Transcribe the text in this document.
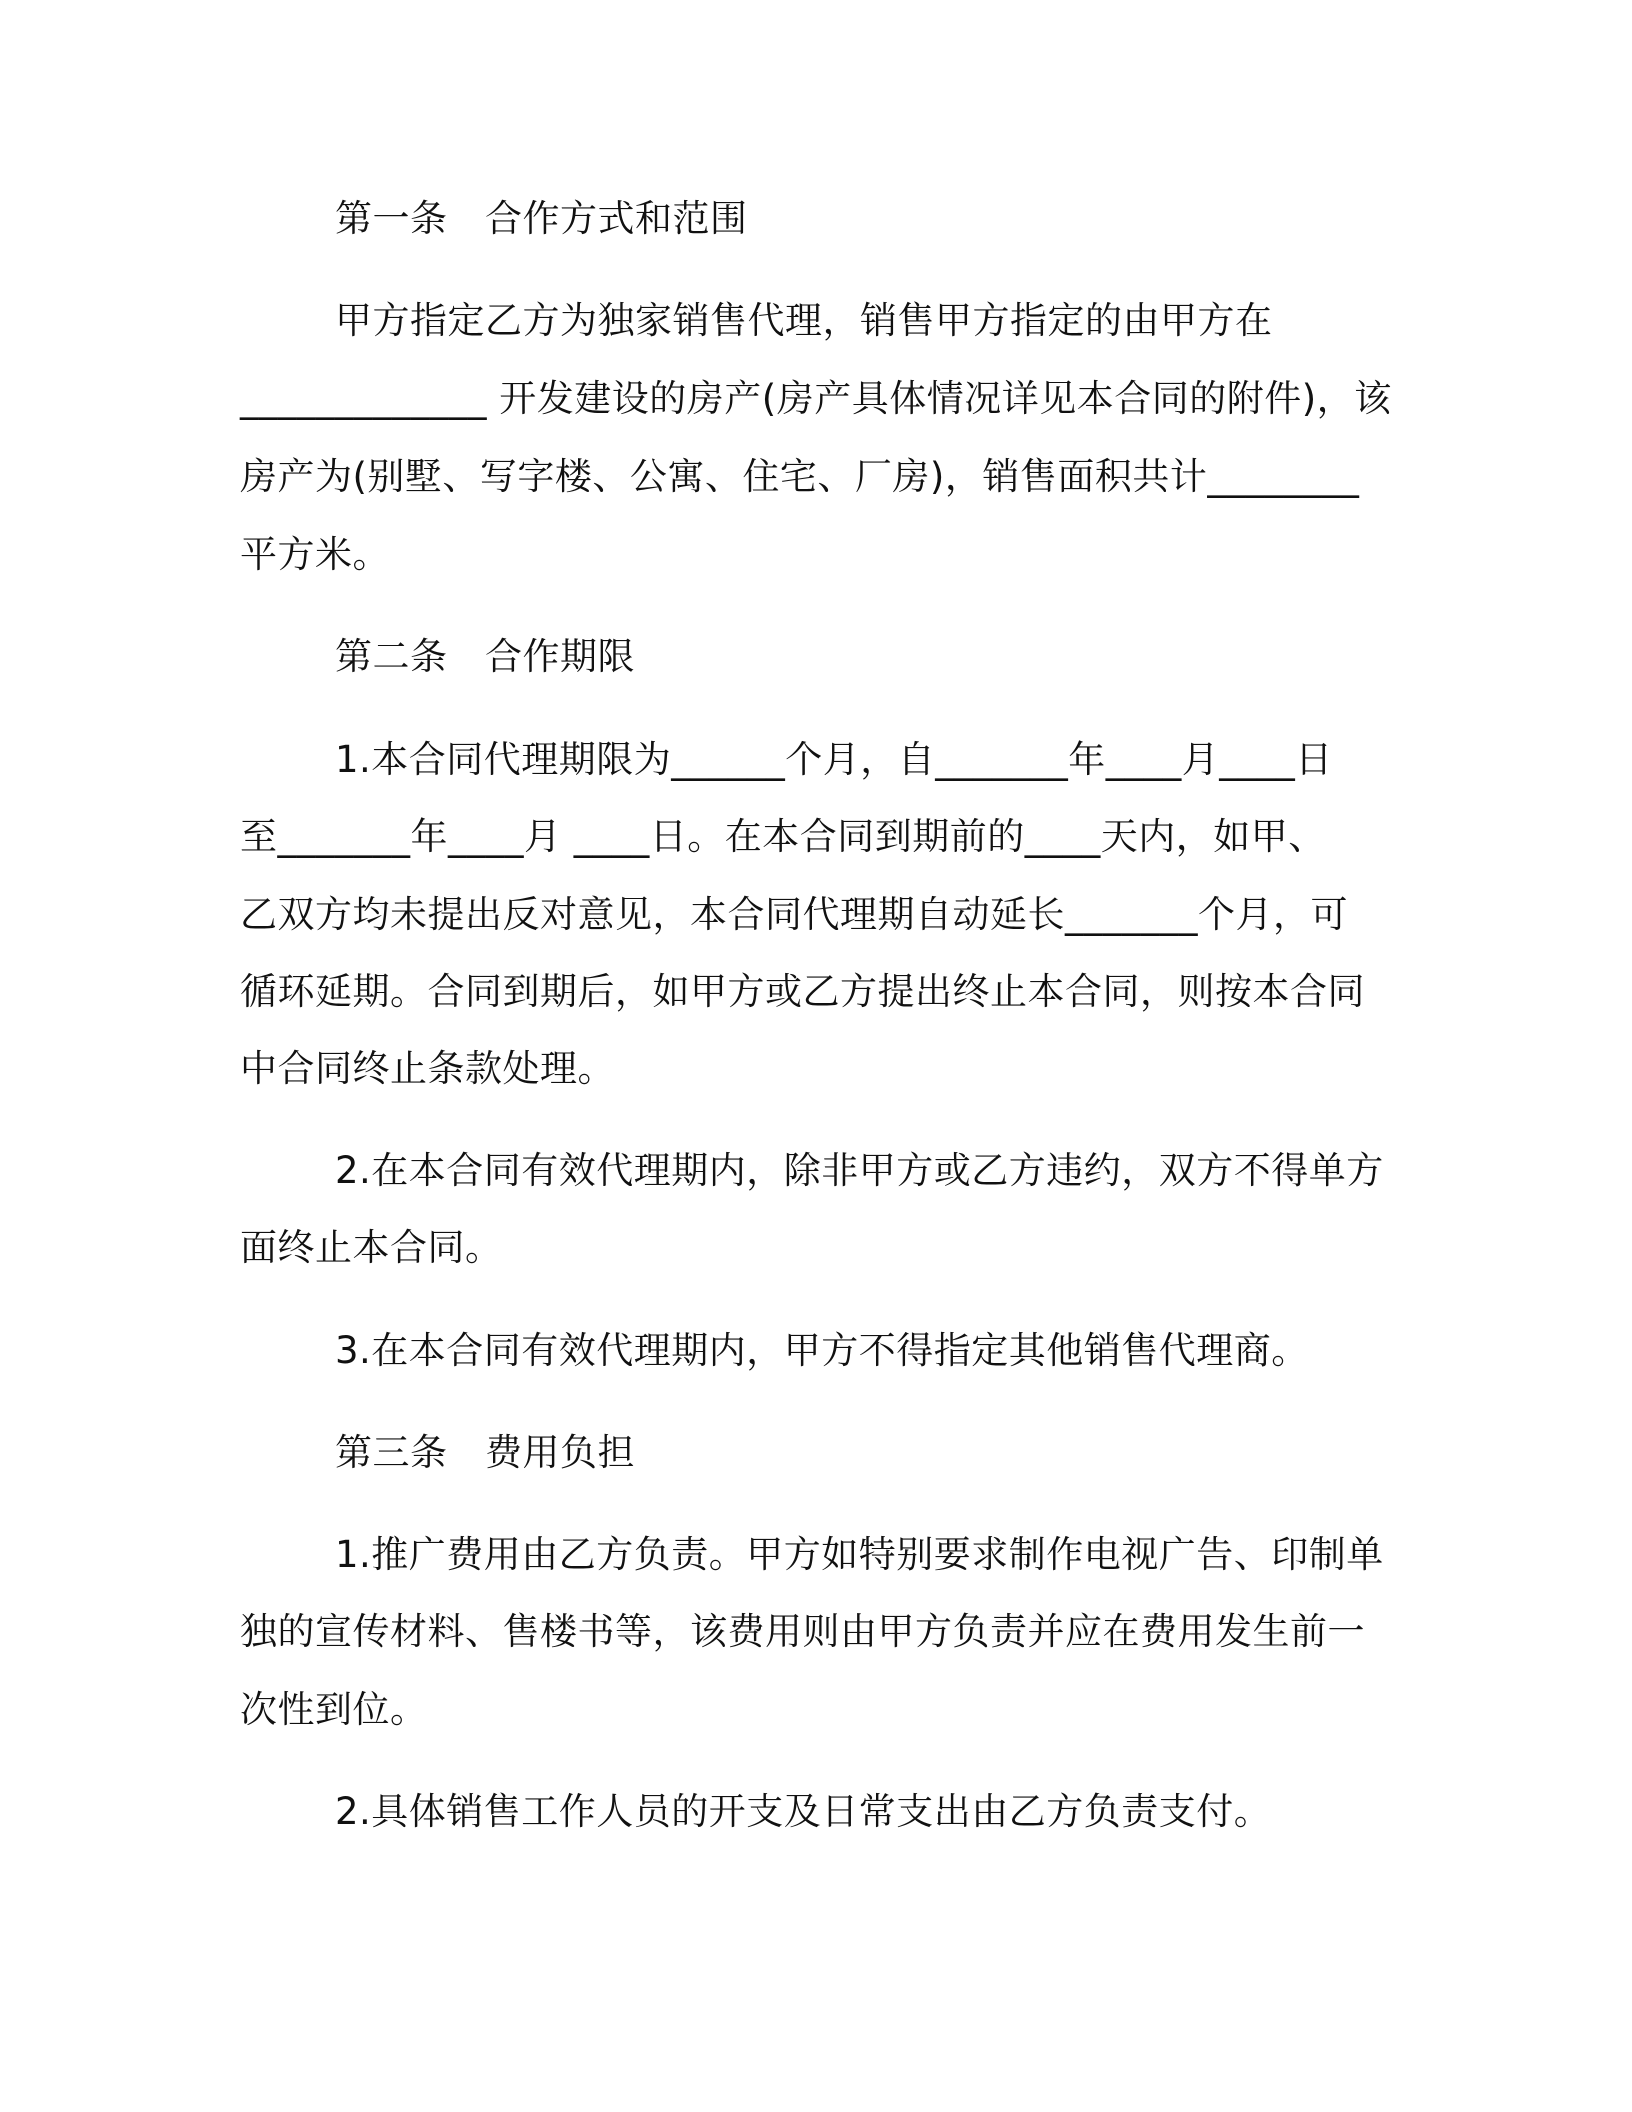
第一条　合作方式和范围
甲方指定乙方为独家销售代理，销售甲方指定的由甲方在
_____________ 开发建设的房产(房产具体情况详见本合同的附件)，该
房产为(别墅、写字楼、公寓、住宅、厂房)，销售面积共计________
平方米。
第二条　合作期限
1.本合同代理期限为______个月，自_______年____月____日
至_______年____月 ____日。在本合同到期前的____天内，如甲、
乙双方均未提出反对意见，本合同代理期自动延长_______个月，可
循环延期。合同到期后，如甲方或乙方提出终止本合同，则按本合同
中合同终止条款处理。
2.在本合同有效代理期内，除非甲方或乙方违约，双方不得单方
面终止本合同。
3.在本合同有效代理期内，甲方不得指定其他销售代理商。
第三条　费用负担
1.推广费用由乙方负责。甲方如特别要求制作电视广告、印制单
独的宣传材料、售楼书等，该费用则由甲方负责并应在费用发生前一
次性到位。
2.具体销售工作人员的开支及日常支出由乙方负责支付。
